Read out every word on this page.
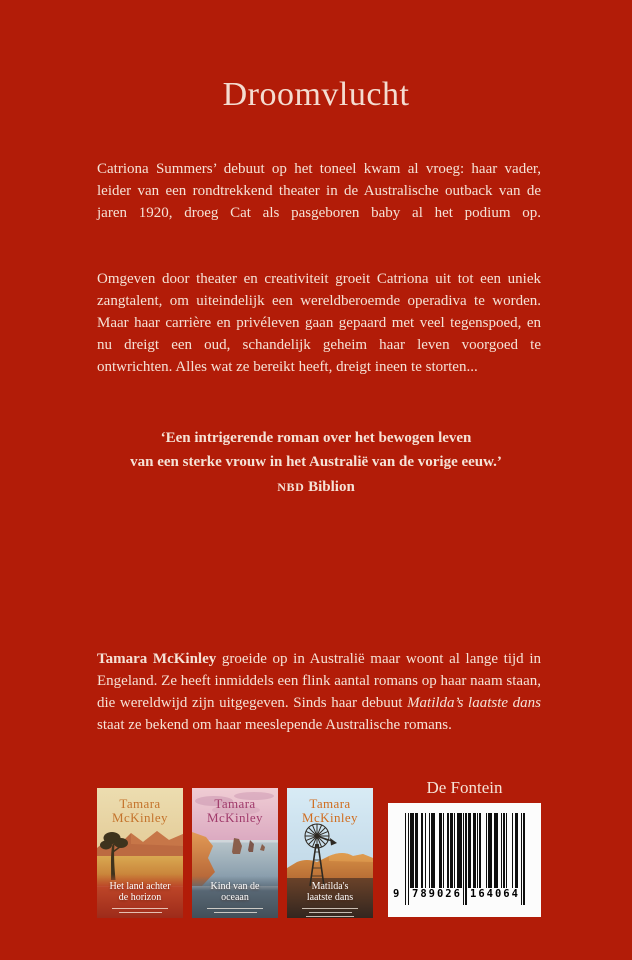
Droomvlucht

Catriona Summers’ debuut op het toneel kwam al vroeg: haar vader, leider van een rondtrekkend theater in de Australische outback van de jaren 1920, droeg Cat als pasgeboren baby al het podium op.

Omgeven door theater en creativiteit groeit Catriona uit tot een uniek zangtalent, om uiteindelijk een wereldberoemde operadiva te worden. Maar haar carrière en privéleven gaan gepaard met veel tegenspoed, en nu dreigt een oud, schandelijk geheim haar leven voorgoed te ontwrichten. Alles wat ze bereikt heeft, dreigt ineen te storten...

‘Een intrigerende roman over het bewogen leven
van een sterke vrouw in het Australië van de vorige eeuw.’
NBD Biblion

Tamara McKinley groeide op in Australië maar woont al lange tijd in Engeland. Ze heeft inmiddels een flink aantal romans op haar naam staan, die wereldwijd zijn uitgegeven. Sinds haar debuut Matilda’s laatste dans staat ze bekend om haar meeslepende Australische romans.

Tamara
McKinley
Het land achter
de horizon
Tamara
McKinley
Kind van de
oceaan
Tamara
McKinley
Matilda's
laatste dans
De Fontein
9 789026 164064
